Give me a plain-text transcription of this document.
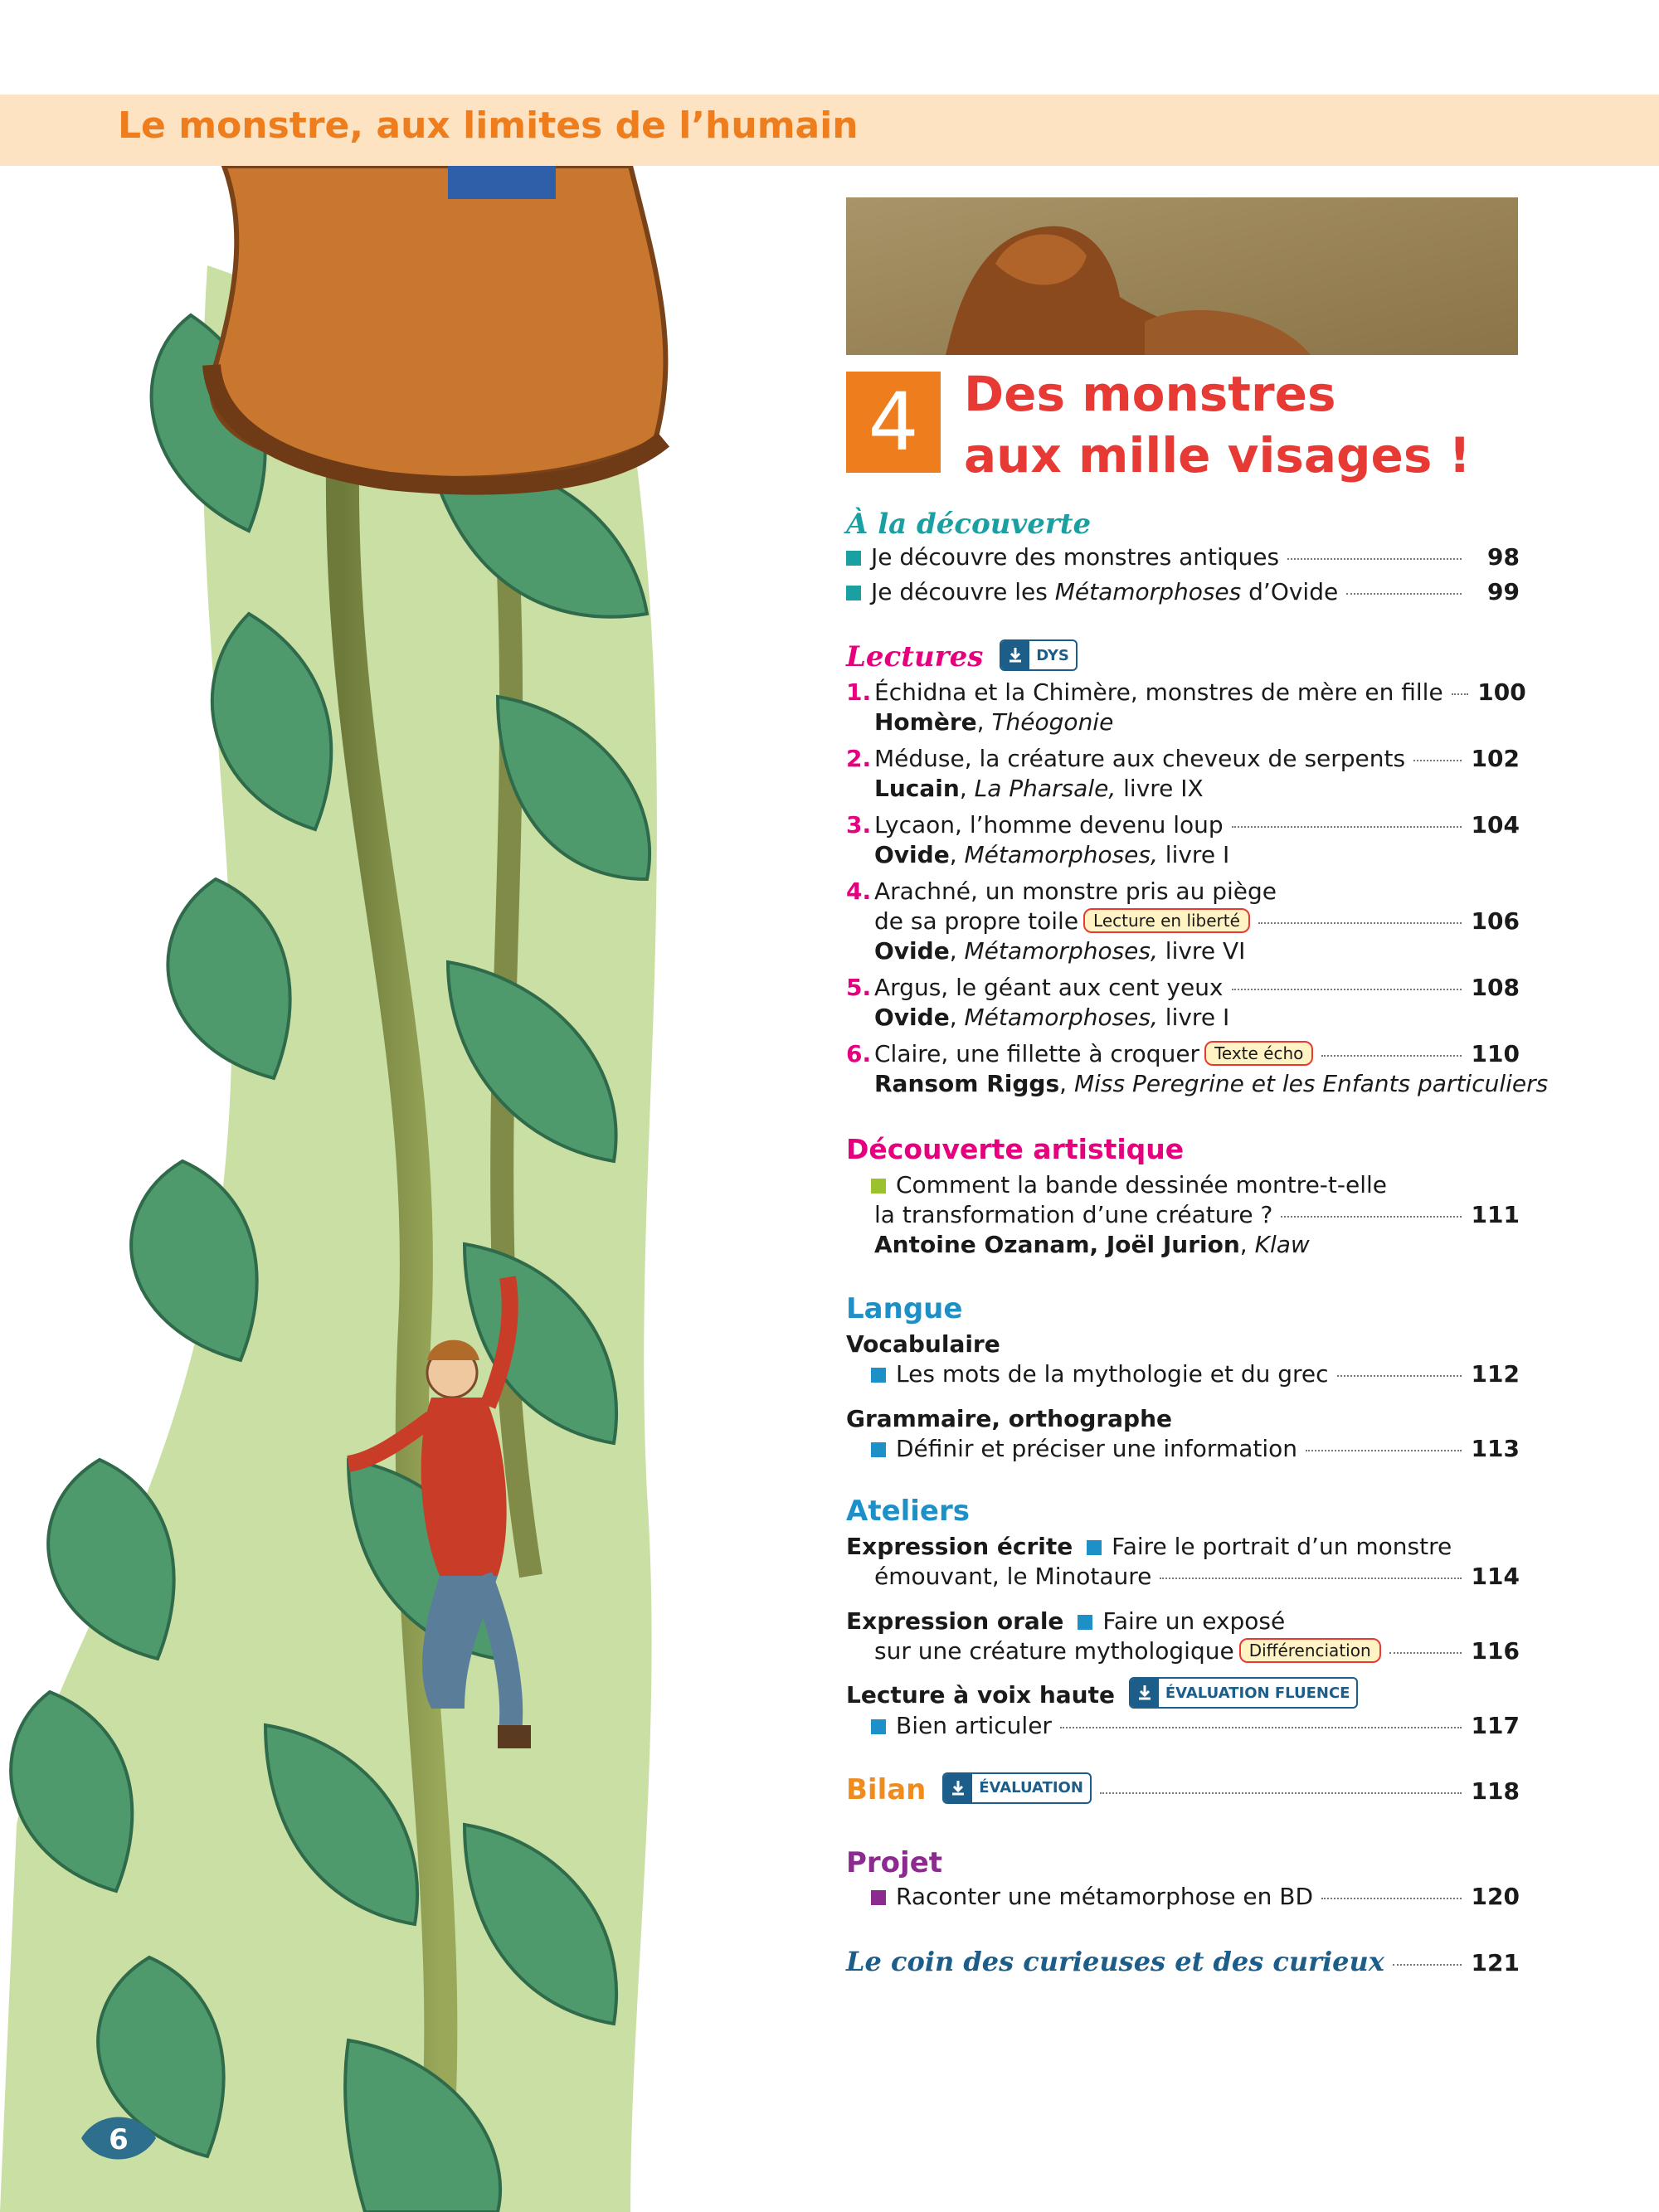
Le monstre, aux limites de l’humain
6
4 Des monstres
aux mille visages !
À la découverte
Je découvre des monstres antiques	98
Je découvre les Métamorphoses d’Ovide	99
Lectures	DYS
1. Échidna et la Chimère, monstres de mère en fille 100
Homère, Théogonie
2. Méduse, la créature aux cheveux de serpents	102
Lucain, La Pharsale, livre IX
3. Lycaon, l’homme devenu loup	104
Ovide, Métamorphoses, livre I
4. Arachné, un monstre pris au piège
de sa propre toile Lecture en liberté	106
Ovide, Métamorphoses, livre VI
5. Argus, le géant aux cent yeux	108
Ovide, Métamorphoses, livre I
6. Claire, une fillette à croquer Texte écho	110
Ransom Riggs, Miss Peregrine et les Enfants particuliers
Découverte artistique
Comment la bande dessinée montre-t-elle
la transformation d’une créature ?	111
Antoine Ozanam, Joël Jurion, Klaw
Langue
Vocabulaire
Les mots de la mythologie et du grec	112
Grammaire, orthographe
Définir et préciser une information	113
Ateliers
Expression écrite Faire le portrait d’un monstre
émouvant, le Minotaure	114
Expression orale Faire un exposé
sur une créature mythologique Différenciation	116
Lecture à voix haute	ÉVALUATION FLUENCE
Bien articuler	117
Bilan	ÉVALUATION	118
Projet
Raconter une métamorphose en BD	120
Le coin des curieuses et des curieux	121
